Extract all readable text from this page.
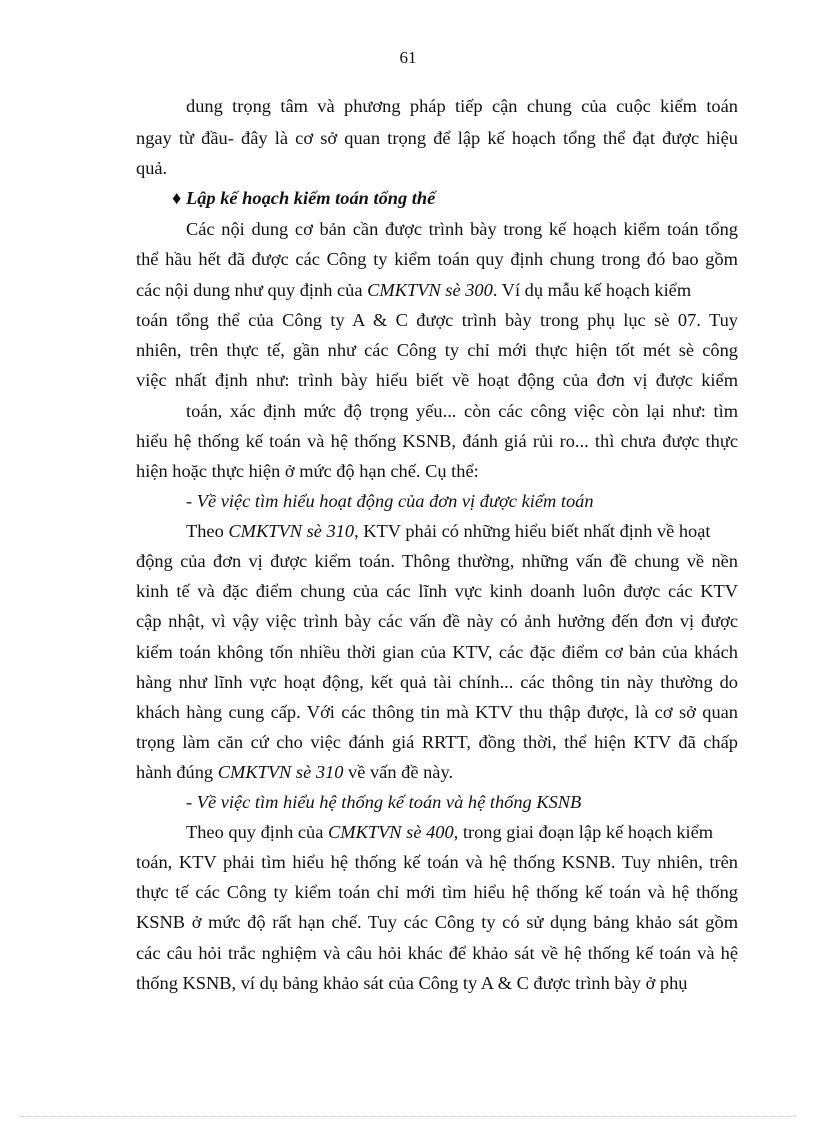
61
dung trọng tâm và phương pháp tiếp cận chung của cuộc kiểm toán
ngay từ đầu- đây là cơ sở quan trọng để lập kế hoạch tổng thể đạt được hiệu
quả.
♦ Lập kế hoạch kiểm toán tổng thể
Các nội dung cơ bản cần được trình bày trong kế hoạch kiểm toán tổng
thể hầu hết đã được các Công ty kiểm toán quy định chung trong đó bao gồm
các nội dung như quy định của CMKTVN sè 300. Ví dụ mẫu kế hoạch kiểm
toán tổng thể của Công ty A & C được trình bày trong phụ lục sè 07. Tuy
nhiên, trên thực tế, gần như các Công ty chỉ mới thực hiện tốt mét sè công
việc nhất định như: trình bày hiểu biết về hoạt động của đơn vị được kiểm
toán, xác định mức độ trọng yếu... còn các công việc còn lại như: tìm
hiểu hệ thống kế toán và hệ thống KSNB, đánh giá rủi ro... thì chưa được thực
hiện hoặc thực hiện ở mức độ hạn chế. Cụ thể:
- Về việc tìm hiểu hoạt động của đơn vị được kiểm toán
Theo CMKTVN sè 310, KTV phải có những hiểu biết nhất định về hoạt
động của đơn vị được kiểm toán. Thông thường, những vấn đề chung về nền
kinh tế và đặc điểm chung của các lĩnh vực kinh doanh luôn được các KTV
cập nhật, vì vậy việc trình bày các vấn đề này có ảnh hưởng đến đơn vị được
kiểm toán không tốn nhiều thời gian của KTV, các đặc điểm cơ bản của khách
hàng như lĩnh vực hoạt động, kết quả tài chính... các thông tin này thường do
khách hàng cung cấp. Với các thông tin mà KTV thu thập được, là cơ sở quan
trọng làm căn cứ cho việc đánh giá RRTT, đồng thời, thể hiện KTV đã chấp
hành đúng CMKTVN sè 310 về vấn đề này.
- Về việc tìm hiểu hệ thống kế toán và hệ thống KSNB
Theo quy định của CMKTVN sè 400, trong giai đoạn lập kế hoạch kiểm
toán, KTV phải tìm hiểu hệ thống kế toán và hệ thống KSNB. Tuy nhiên, trên
thực tế các Công ty kiểm toán chỉ mới tìm hiểu hệ thống kế toán và hệ thống
KSNB ở mức độ rất hạn chế. Tuy các Công ty có sử dụng bảng khảo sát gồm
các câu hỏi trắc nghiệm và câu hỏi khác để khảo sát về hệ thống kế toán và hệ
thống KSNB, ví dụ bảng khảo sát của Công ty A & C được trình bày ở phụ
